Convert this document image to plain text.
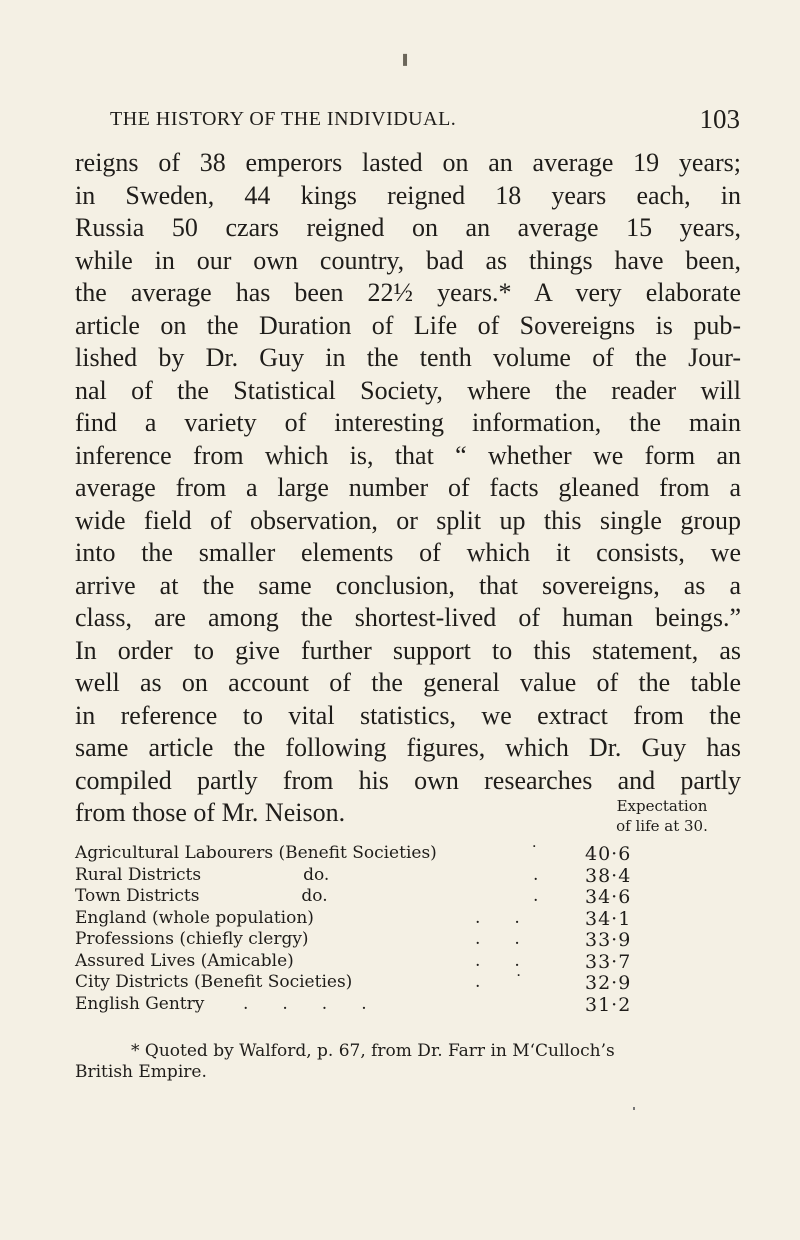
❚
THE HISTORY OF THE INDIVIDUAL.	103
reigns of 38 emperors lasted on an average 19 years;
in Sweden, 44 kings reigned 18 years each, in
Russia 50 czars reigned on an average 15 years,
while in our own country, bad as things have been,
the average has been 22½ years.* A very elaborate
article on the Duration of Life of Sovereigns is pub-
lished by Dr. Guy in the tenth volume of the Jour-
nal of the Statistical Society, where the reader will
find a variety of interesting information, the main
inference from which is, that “ whether we form an
average from a large number of facts gleaned from a
wide field of observation, or split up this single group
into the smaller elements of which it consists, we
arrive at the same conclusion, that sovereigns, as a
class, are among the shortest-lived of human beings.”
In order to give further support to this statement, as
well as on account of the general value of the table
in reference to vital statistics, we extract from the
same article the following figures, which Dr. Guy has
compiled partly from his own researches and partly
from those of Mr. Neison.	Expectation
of life at 30.
Agricultural Labourers (Benefit Societies)	˙ 40·6
Rural Districts      do.	. 38·4
Town Districts      do.	. 34·6
England (whole population)	.  .	34·1
Professions (chiefly clergy)	.  .	33·9
Assured Lives (Amicable)	.  .	33·7
City Districts (Benefit Societies)	.  ˙	32·9
English Gentry .  .  .  .	31·2
* Quoted by Walford, p. 67, from Dr. Farr in M‘Culloch’s
British Empire.
